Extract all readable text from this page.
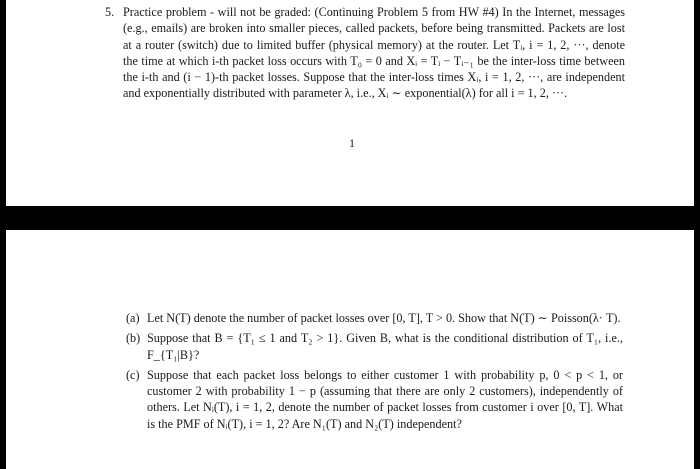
5. Practice problem - will not be graded: (Continuing Problem 5 from HW #4) In the Internet, messages (e.g., emails) are broken into smaller pieces, called packets, before being transmitted. Packets are lost at a router (switch) due to limited buffer (physical memory) at the router. Let Tᵢ, i = 1, 2, ···, denote the time at which i-th packet loss occurs with T₀ = 0 and Xᵢ = Tᵢ − Tᵢ₋₁ be the inter-loss time between the i-th and (i − 1)-th packet losses. Suppose that the inter-loss times Xᵢ, i = 1, 2, ···, are independent and exponentially distributed with parameter λ, i.e., Xᵢ ∼ exponential(λ) for all i = 1, 2, ···.
1
(a) Let N(T) denote the number of packet losses over [0, T], T > 0. Show that N(T) ∼ Poisson(λ· T).
(b) Suppose that B = {T₁ ≤ 1 and T₂ > 1}. Given B, what is the conditional distribution of T₁, i.e., F_{T₁|B}?
(c) Suppose that each packet loss belongs to either customer 1 with probability p, 0 < p < 1, or customer 2 with probability 1 − p (assuming that there are only 2 customers), independently of others. Let Nᵢ(T), i = 1, 2, denote the number of packet losses from customer i over [0, T]. What is the PMF of Nᵢ(T), i = 1, 2? Are N₁(T) and N₂(T) independent?
